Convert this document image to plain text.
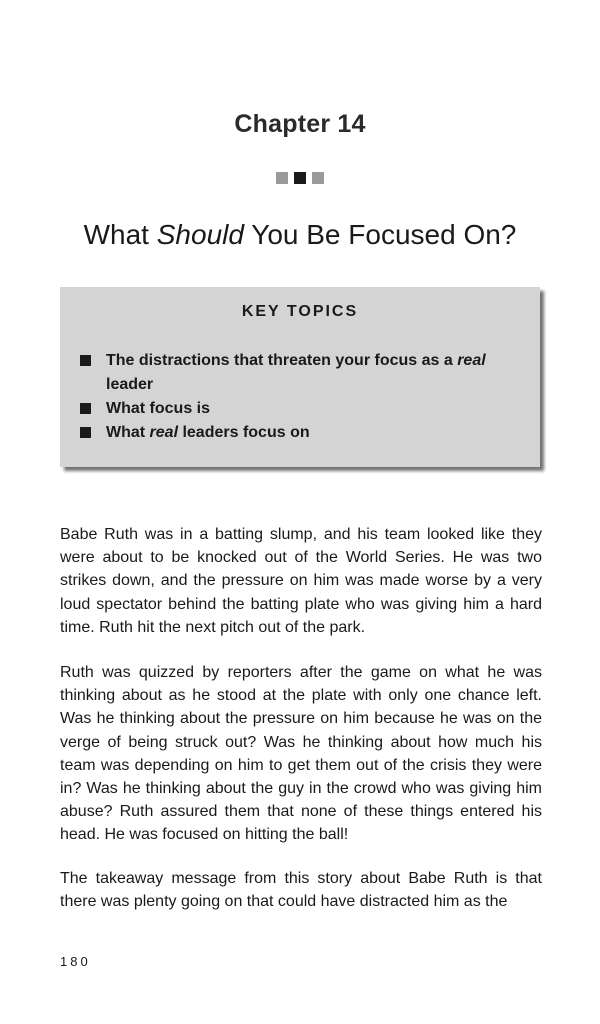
Chapter 14
What Should You Be Focused On?
KEY TOPICS
The distractions that threaten your focus as a real leader
What focus is
What real leaders focus on

Babe Ruth was in a batting slump, and his team looked like they were about to be knocked out of the World Series. He was two strikes down, and the pressure on him was made worse by a very loud spectator behind the batting plate who was giving him a hard time. Ruth hit the next pitch out of the park.

Ruth was quizzed by reporters after the game on what he was thinking about as he stood at the plate with only one chance left. Was he thinking about the pressure on him because he was on the verge of being struck out? Was he thinking about how much his team was depending on him to get them out of the crisis they were in? Was he thinking about the guy in the crowd who was giving him abuse? Ruth assured them that none of these things entered his head. He was focused on hitting the ball!

The takeaway message from this story about Babe Ruth is that there was plenty going on that could have distracted him as the

180
